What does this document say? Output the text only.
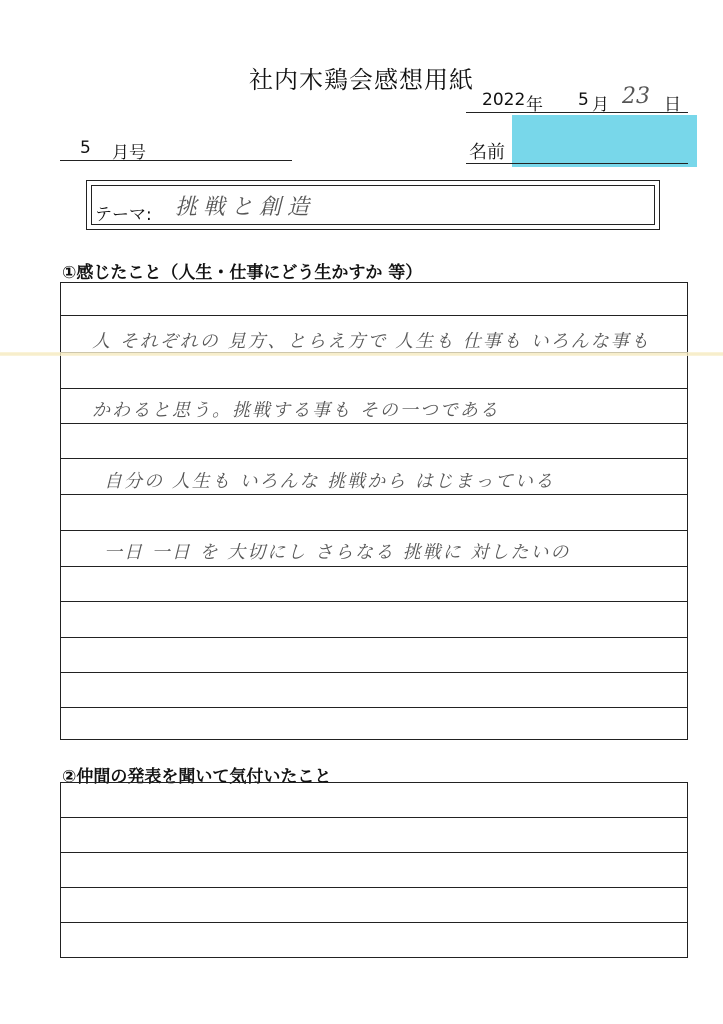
社内木鶏会感想用紙
2022 年 5 月 23 日
5 月号	名前
テーマ: 挑戦と創造
①感じたこと（人生・仕事にどう生かすか 等）
人 それぞれの 見方、とらえ方で 人生も 仕事も いろんな事も
かわると思う。挑戦する事も その一つである
自分の 人生も いろんな 挑戦から はじまっている
一日 一日 を 大切にし さらなる 挑戦に 対したいの
②仲間の発表を聞いて気付いたこと
